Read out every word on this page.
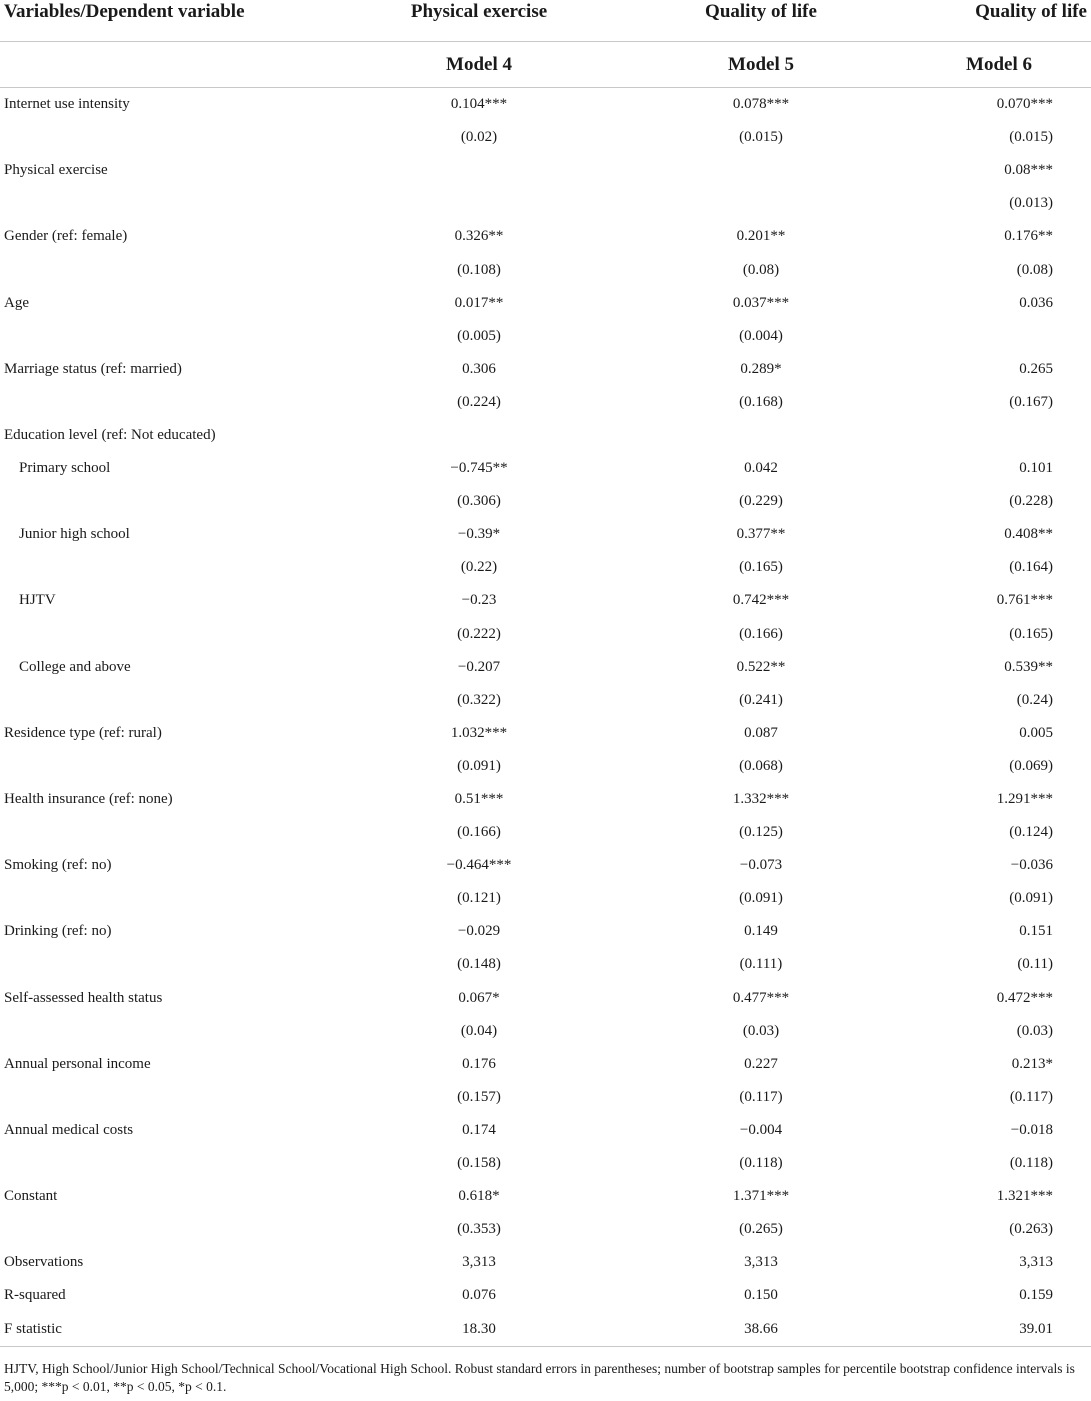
Variables/Dependent variable	Physical exercise	Quality of life	Quality of life
	Model 4	Model 5	Model 6
Internet use intensity	0.104***	0.078***	0.070***
	(0.02)	(0.015)	(0.015)
Physical exercise			0.08***
			(0.013)
Gender (ref: female)	0.326**	0.201**	0.176**
	(0.108)	(0.08)	(0.08)
Age	0.017**	0.037***	0.036
	(0.005)	(0.004)	
Marriage status (ref: married)	0.306	0.289*	0.265
	(0.224)	(0.168)	(0.167)
Education level (ref: Not educated)			
Primary school	−0.745**	0.042	0.101
	(0.306)	(0.229)	(0.228)
Junior high school	−0.39*	0.377**	0.408**
	(0.22)	(0.165)	(0.164)
HJTV	−0.23	0.742***	0.761***
	(0.222)	(0.166)	(0.165)
College and above	−0.207	0.522**	0.539**
	(0.322)	(0.241)	(0.24)
Residence type (ref: rural)	1.032***	0.087	0.005
	(0.091)	(0.068)	(0.069)
Health insurance (ref: none)	0.51***	1.332***	1.291***
	(0.166)	(0.125)	(0.124)
Smoking (ref: no)	−0.464***	−0.073	−0.036
	(0.121)	(0.091)	(0.091)
Drinking (ref: no)	−0.029	0.149	0.151
	(0.148)	(0.111)	(0.11)
Self-assessed health status	0.067*	0.477***	0.472***
	(0.04)	(0.03)	(0.03)
Annual personal income	0.176	0.227	0.213*
	(0.157)	(0.117)	(0.117)
Annual medical costs	0.174	−0.004	−0.018
	(0.158)	(0.118)	(0.118)
Constant	0.618*	1.371***	1.321***
	(0.353)	(0.265)	(0.263)
Observations	3,313	3,313	3,313
R-squared	0.076	0.150	0.159
F statistic	18.30	38.66	39.01
HJTV, High School/Junior High School/Technical School/Vocational High School. Robust standard errors in parentheses; number of bootstrap samples for percentile bootstrap confidence intervals is 5,000; ***p < 0.01, **p < 0.05, *p < 0.1.
